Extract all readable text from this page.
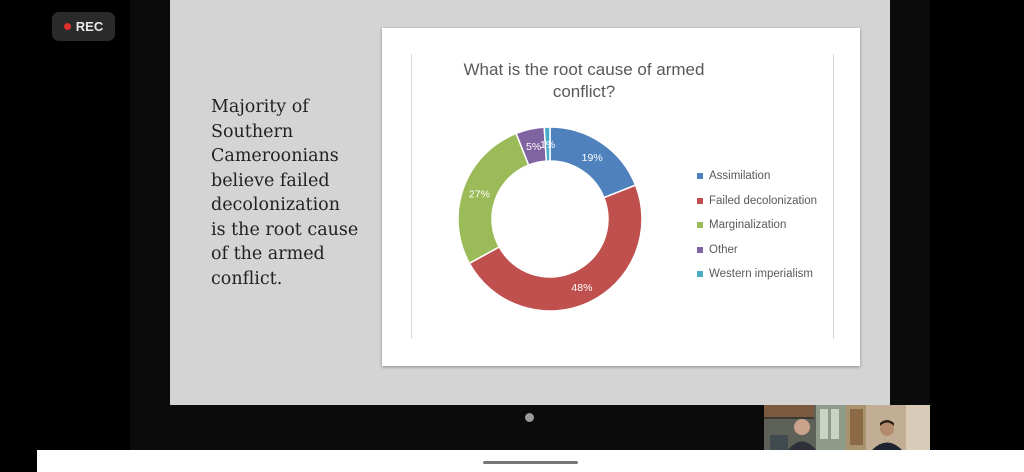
Majority of
Southern
Cameroonians
believe failed
decolonization
is the root cause
of the armed
conflict.
What is the root cause of armed
conflict?
19%
48%
27%
5%
1%
Assimilation
Failed decolonization
Marginalization
Other
Western imperialism
REC
